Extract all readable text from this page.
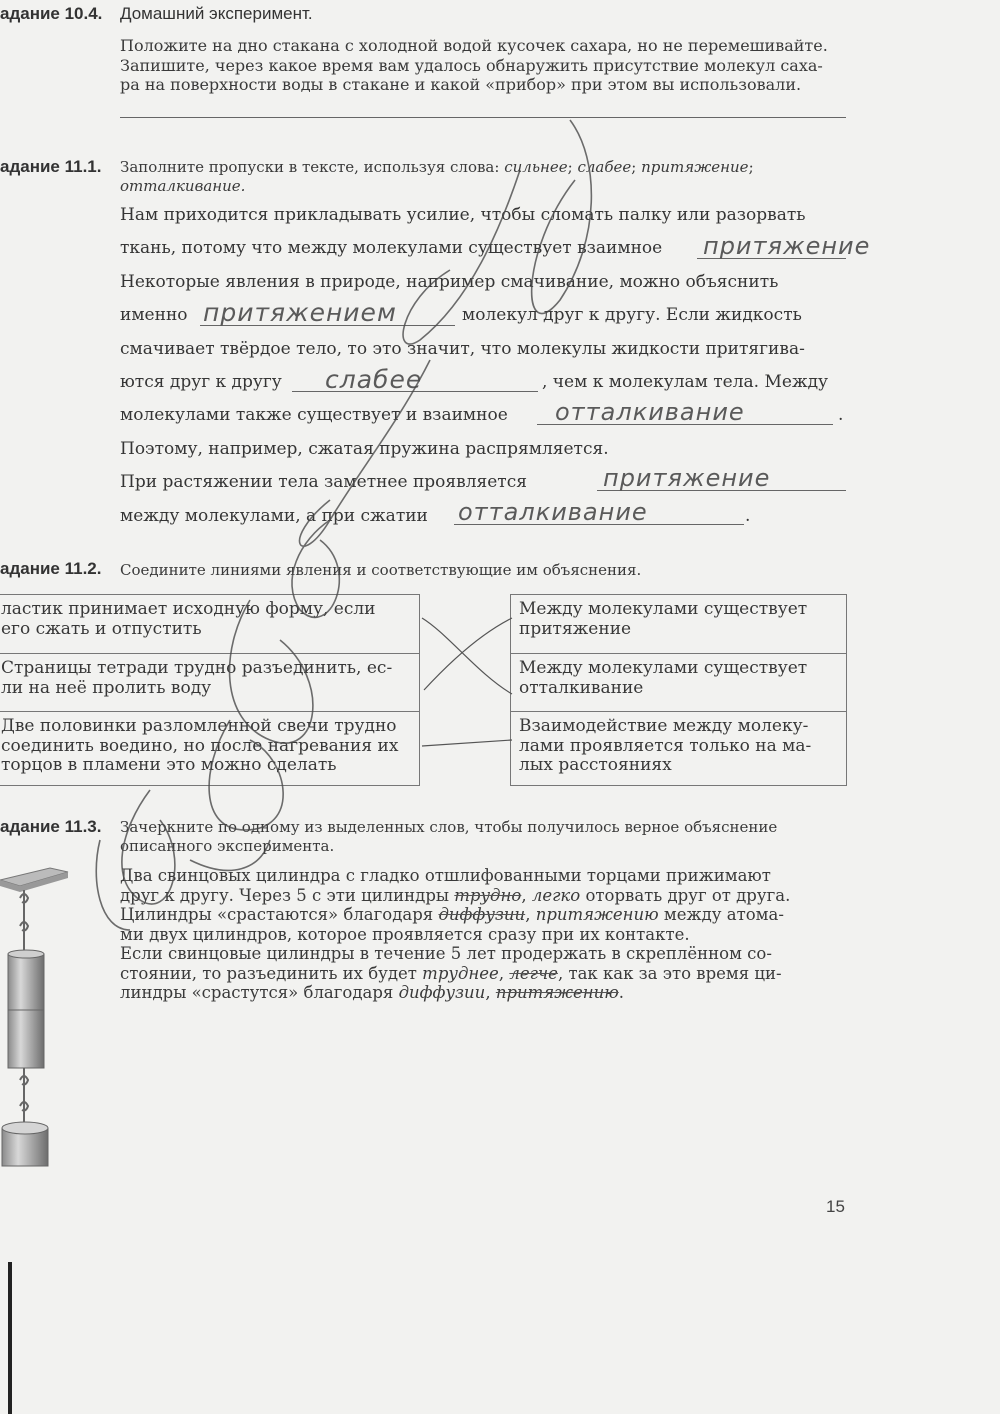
адание 10.4. Домашний эксперимент.
Положите на дно стакана с холодной водой кусочек сахара, но не перемешивайте.
Запишите, через какое время вам удалось обнаружить присутствие молекул саха-
ра на поверхности воды в стакане и какой «прибор» при этом вы использовали.
адание 11.1. Заполните пропуски в тексте, используя слова: сильнее; слабее; притяжение;
отталкивание.
Нам приходится прикладывать усилие, чтобы сломать палку или разорвать
ткань, потому что между молекулами существует взаимное притяжение
Некоторые явления в природе, например смачивание, можно объяснить
именно притяжением	молекул друг к другу. Если жидкость
смачивает твёрдое тело, то это значит, что молекулы жидкости притягива-
ются друг к другу слабее	, чем к молекулам тела. Между
молекулами также существует и взаимное отталкивание	.
Поэтому, например, сжатая пружина распрямляется.
При растяжении тела заметнее проявляется	притяжение
между молекулами, а при сжатии отталкивание	.
адание 11.2. Соедините линиями явления и соответствующие им объяснения.
ластик принимает исходную форму, если
его сжать и отпустить
Страницы тетради трудно разъединить, ес-
ли на неё пролить воду
Две половинки разломленной свечи трудно
соединить воедино, но после нагревания их
торцов в пламени это можно сделать
Между молекулами существует
притяжение
Между молекулами существует
отталкивание
Взаимодействие между молеку-
лами проявляется только на ма-
лых расстояниях
адание 11.3. Зачеркните по одному из выделенных слов, чтобы получилось верное объяснение
описанного эксперимента.
Два свинцовых цилиндра с гладко отшлифованными торцами прижимают
друг к другу. Через 5 с эти цилиндры трудно, легко оторвать друг от друга.
Цилиндры «срастаются» благодаря диффузии, притяжению между атома-
ми двух цилиндров, которое проявляется сразу при их контакте.
Если свинцовые цилиндры в течение 5 лет продержать в скреплённом со-
стоянии, то разъединить их будет труднее, легче, так как за это время ци-
линдры «срастутся» благодаря диффузии, притяжению.
15
